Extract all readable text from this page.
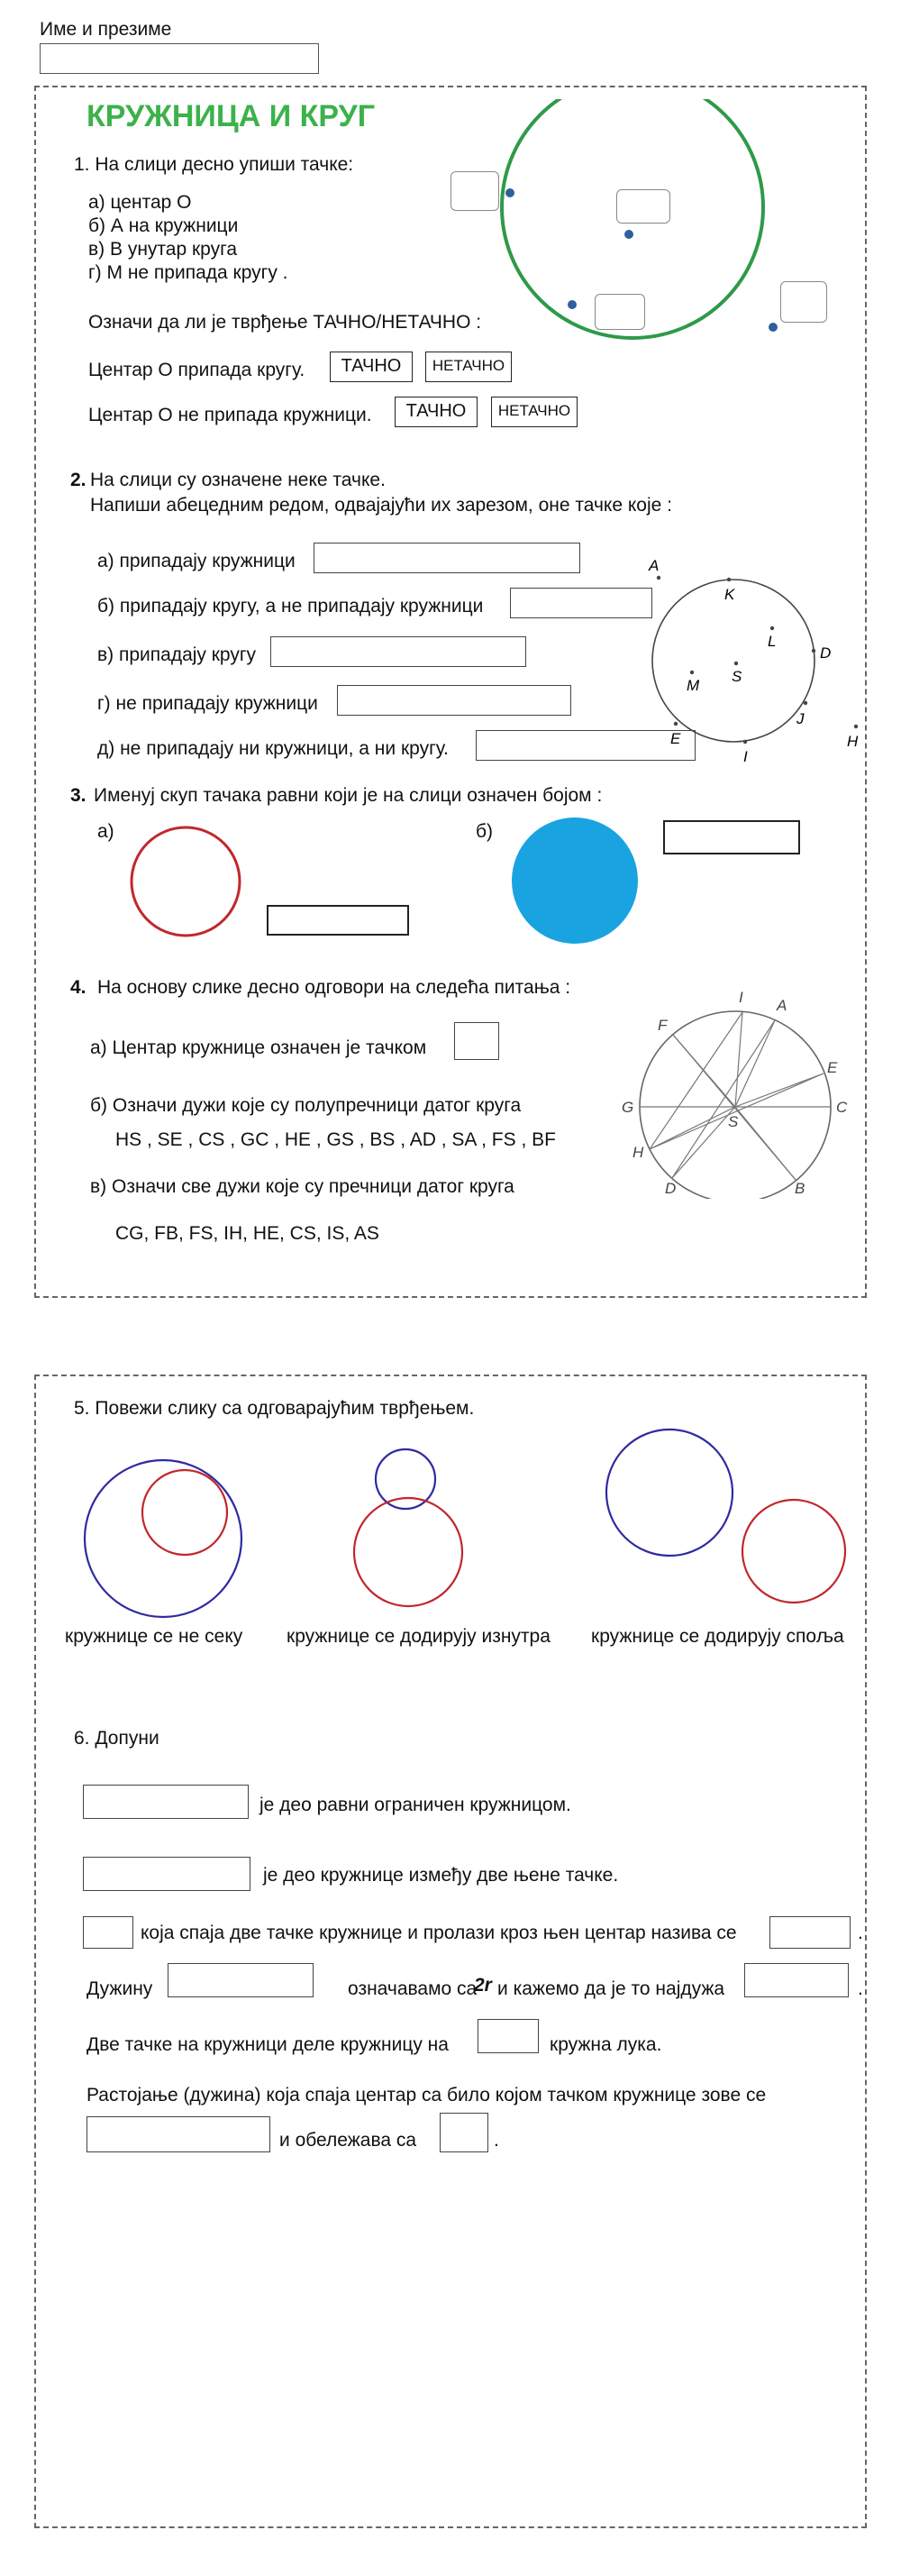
Име и презиме
КРУЖНИЦА И КРУГ
1. На слици десно упиши тачке:
а) центар О
б) А на кружници
в) В унутар круга
г) М не припада кругу .
Означи да ли је тврђење ТАЧНО/НЕТАЧНО :
Центар О припада кругу.	ТАЧНО	НЕТАЧНО
Центар О не припада кружници.	ТАЧНО	НЕТАЧНО
2. На слици су означене неке тачке.
Напиши абецедним редом, одвајајући их зарезом, оне тачке које :
а) припадају кружници
б) припадају кругу, а не припадају кружници
в) припадају кругу
г) не припадају кружници
д) не припадају ни кружници, а ни кругу.
A
K
L
S
M
D
J
E
I
H
3. Именуј скуп тачака равни који је на слици означен бојом :
а)	б)
4. На основу слике десно одговори на следећа питања :
а) Центар кружнице означен је тачком
б) Означи дужи које су полупречници датог круга
HS , SE , CS , GC , HE , GS , BS , AD , SA , FS , BF
в) Означи све дужи које су пречници датог круга
CG, FB, FS, IH, HE, CS, IS, AS
I A
F
E
G	C
H
S
D	B
5. Повежи слику са одговарајућим тврђењем.
кружнице се не секу кружнице се додирују изнутра кружнице се додирују споља
6. Допуни
је део равни ограничен кружницом.
је део кружнице између две њене тачке.
која спаја две тачке кружнице и пролази кроз њен центар назива се	.
Дужину	означавамо са
2r и кажемо да је то најдужа	.
Две тачке на кружници деле кружницу на	кружна лука.
Растојање (дужина) која спаја центар са било којом тачком кружнице зове се
и обележава са	.
